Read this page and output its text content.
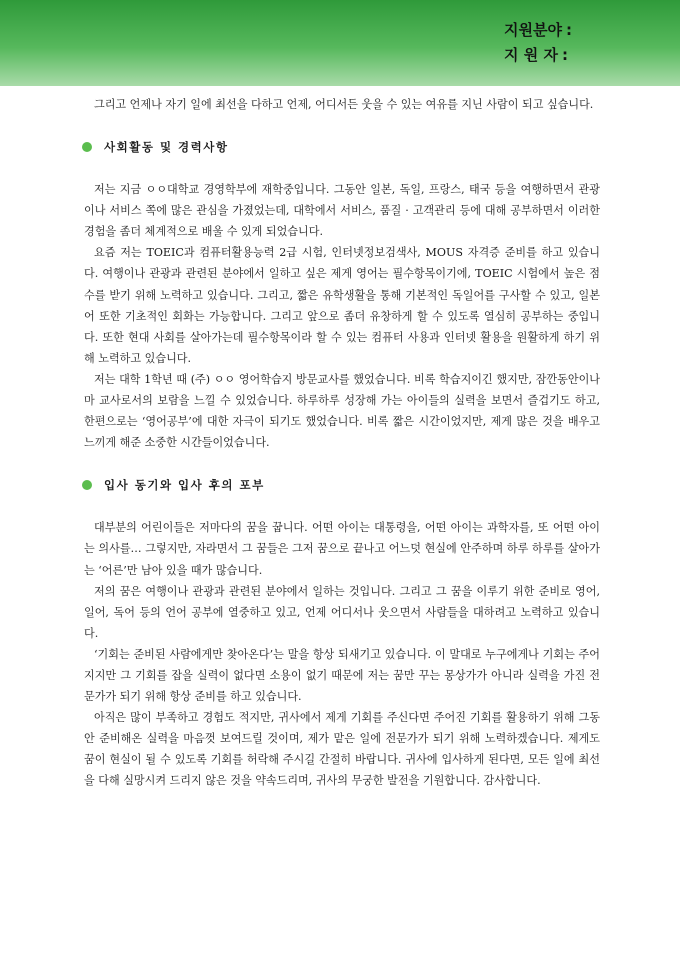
지원분야 :
지 원 자 :

그리고 언제나 자기 일에 최선을 다하고 언제, 어디서든 웃을 수 있는 여유를 지닌 사람이 되고 싶습니다.

사회활동 및 경력사항

저는 지금 ㅇㅇ대학교 경영학부에 재학중입니다. 그동안 일본, 독일, 프랑스, 태국 등을 여행하면서 관광이나 서비스 쪽에 많은 관심을 가졌었는데, 대학에서 서비스, 품질 · 고객관리 등에 대해 공부하면서 이러한 경험을 좀더 체계적으로 배울 수 있게 되었습니다.

요즘 저는 TOEIC과 컴퓨터활용능력 2급 시험, 인터넷정보검색사, MOUS 자격증 준비를 하고 있습니다. 여행이나 관광과 관련된 분야에서 일하고 싶은 제게 영어는 필수항목이기에, TOEIC 시험에서 높은 점수를 받기 위해 노력하고 있습니다. 그리고, 짧은 유학생활을 통해 기본적인 독일어를 구사할 수 있고, 일본어 또한 기초적인 회화는 가능합니다. 그리고 앞으로 좀더 유창하게 할 수 있도록 열심히 공부하는 중입니다. 또한 현대 사회를 살아가는데 필수항목이라 할 수 있는 컴퓨터 사용과 인터넷 활용을 원활하게 하기 위해 노력하고 있습니다.

저는 대학 1학년 때 (주) ㅇㅇ 영어학습지 방문교사를 했었습니다. 비록 학습지이긴 했지만, 잠깐동안이나마 교사로서의 보람을 느낄 수 있었습니다. 하루하루 성장해 가는 아이들의 실력을 보면서 즐겁기도 하고, 한편으로는 ‘영어공부’에 대한 자극이 되기도 했었습니다. 비록 짧은 시간이었지만, 제게 많은 것을 배우고 느끼게 해준 소중한 시간들이었습니다.

입사 동기와 입사 후의 포부

대부분의 어린이들은 저마다의 꿈을 꿉니다. 어떤 아이는 대통령을, 어떤 아이는 과학자를, 또 어떤 아이는 의사를… 그렇지만, 자라면서 그 꿈들은 그저 꿈으로 끝나고 어느덧 현실에 안주하며 하루 하루를 살아가는 ‘어른’만 남아 있을 때가 많습니다.

저의 꿈은 여행이나 관광과 관련된 분야에서 일하는 것입니다. 그리고 그 꿈을 이루기 위한 준비로 영어, 일어, 독어 등의 언어 공부에 열중하고 있고, 언제 어디서나 웃으면서 사람들을 대하려고 노력하고 있습니다.

‘기회는 준비된 사람에게만 찾아온다’는 말을 항상 되새기고 있습니다. 이 말대로 누구에게나 기회는 주어지지만 그 기회를 잡을 실력이 없다면 소용이 없기 때문에 저는 꿈만 꾸는 몽상가가 아니라 실력을 가진 전문가가 되기 위해 항상 준비를 하고 있습니다.

아직은 많이 부족하고 경험도 적지만, 귀사에서 제게 기회를 주신다면 주어진 기회를 활용하기 위해 그동안 준비해온 실력을 마음껏 보여드릴 것이며, 제가 맡은 일에 전문가가 되기 위해 노력하겠습니다. 제게도 꿈이 현실이 될 수 있도록 기회를 허락해 주시길 간절히 바랍니다. 귀사에 입사하게 된다면, 모든 일에 최선을 다해 실망시켜 드리지 않은 것을 약속드리며, 귀사의 무궁한 발전을 기원합니다. 감사합니다.
